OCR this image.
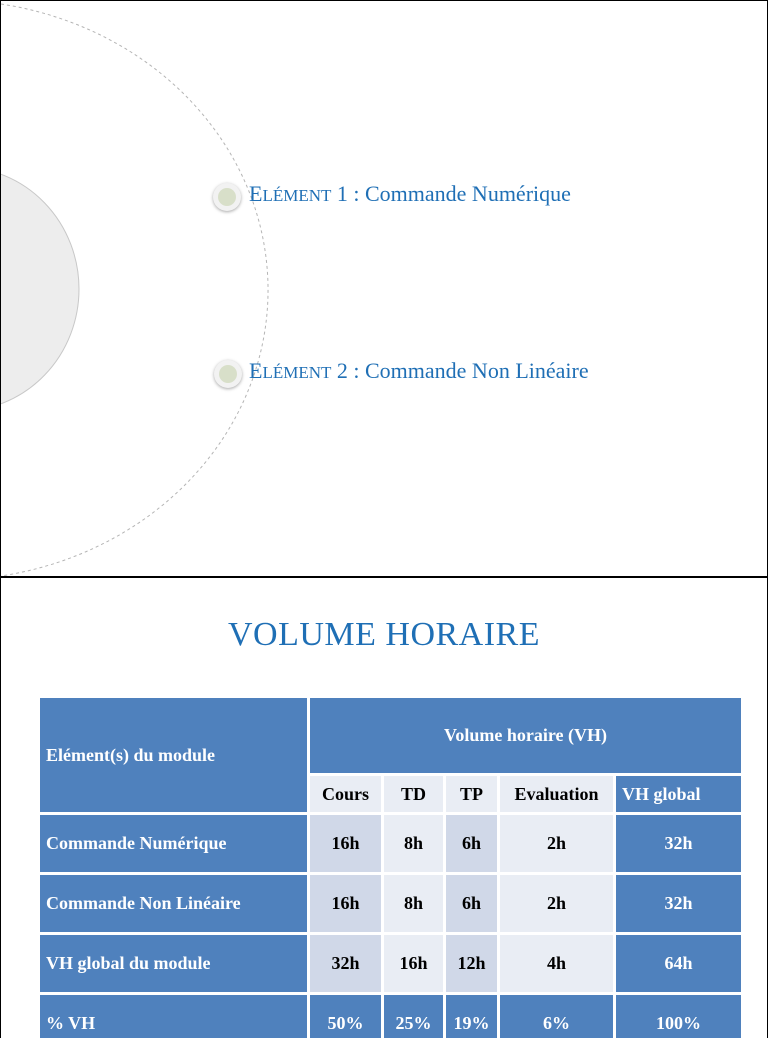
ELÉMENT 1 : Commande Numérique
ELÉMENT 2 : Commande Non Linéaire
VOLUME HORAIRE
Elément(s) du module	Volume horaire (VH)				
	Cours	TD	TP	Evaluation	VH global
Commande Numérique	16h	8h	6h	2h	32h
Commande Non Linéaire	16h	8h	6h	2h	32h
VH global du module	32h	16h	12h	4h	64h
% VH	50%	25%	19%	6%	100%
